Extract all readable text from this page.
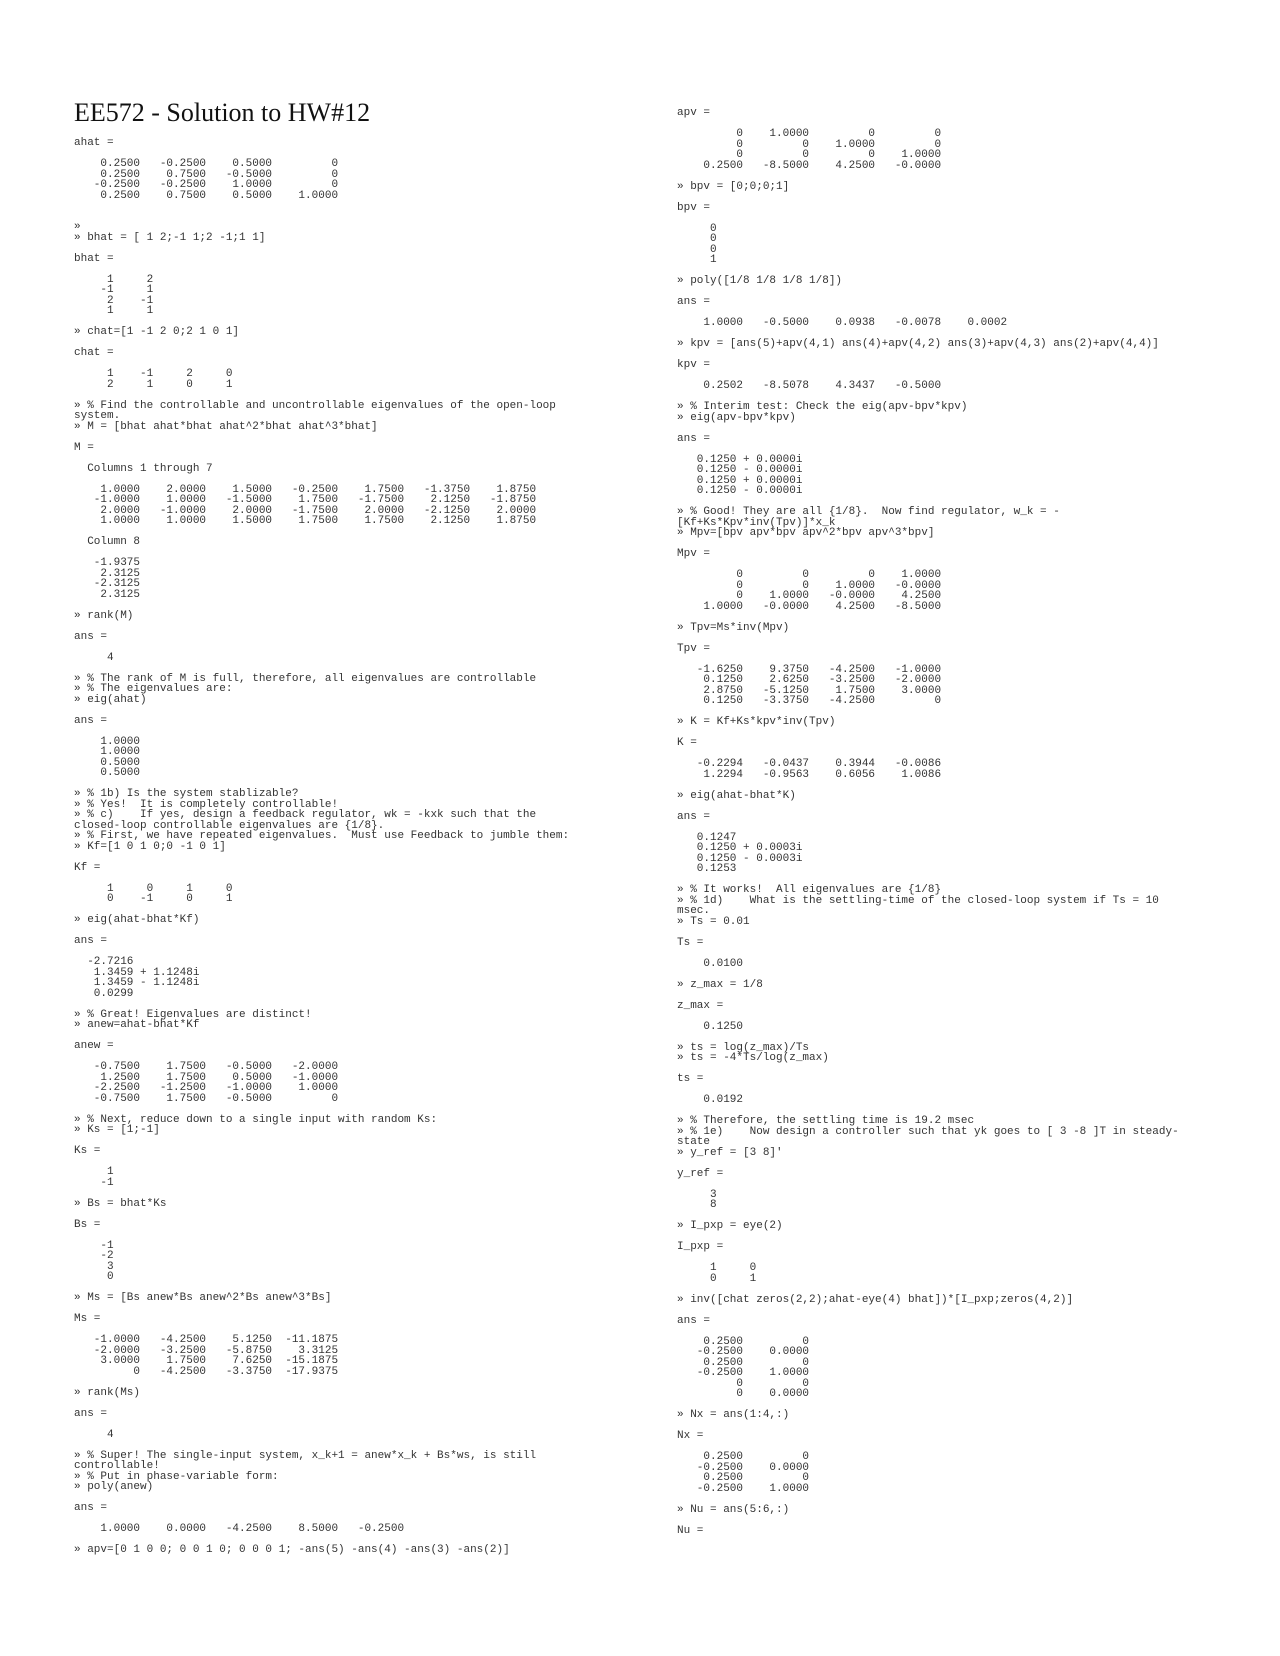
EE572 - Solution to HW#12
ahat =

0.2500   -0.2500    0.5000         0
0.2500    0.7500   -0.5000         0
-0.2500   -0.2500    1.0000         0
0.2500    0.7500    0.5000    1.0000

»
» bhat = [ 1 2;-1 1;2 -1;1 1]

bhat =

1     2
-1     1
2    -1
1     1

» chat=[1 -1 2 0;2 1 0 1]

chat =

1    -1     2     0
2     1     0     1

» % Find the controllable and uncontrollable eigenvalues of the open-loop
system.
» M = [bhat ahat*bhat ahat^2*bhat ahat^3*bhat]

M =

Columns 1 through 7

1.0000    2.0000    1.5000   -0.2500    1.7500   -1.3750    1.8750
-1.0000    1.0000   -1.5000    1.7500   -1.7500    2.1250   -1.8750
2.0000   -1.0000    2.0000   -1.7500    2.0000   -2.1250    2.0000
1.0000    1.0000    1.5000    1.7500    1.7500    2.1250    1.8750

Column 8

-1.9375
2.3125
-2.3125
2.3125

» rank(M)

ans =

4

» % The rank of M is full, therefore, all eigenvalues are controllable
» % The eigenvalues are:
» eig(ahat)

ans =

1.0000
1.0000
0.5000
0.5000

» % 1b) Is the system stablizable?
» % Yes!  It is completely controllable!
» % c)    If yes, design a feedback regulator, wk = -kxk such that the
closed-loop controllable eigenvalues are {1/8}.
» % First, we have repeated eigenvalues.  Must use Feedback to jumble them:
» Kf=[1 0 1 0;0 -1 0 1]

Kf =

1     0     1     0
0    -1     0     1

» eig(ahat-bhat*Kf)

ans =

-2.7216
1.3459 + 1.1248i
1.3459 - 1.1248i
0.0299

» % Great! Eigenvalues are distinct!
» anew=ahat-bhat*Kf

anew =

-0.7500    1.7500   -0.5000   -2.0000
1.2500    1.7500    0.5000   -1.0000
-2.2500   -1.2500   -1.0000    1.0000
-0.7500    1.7500   -0.5000         0

» % Next, reduce down to a single input with random Ks:
» Ks = [1;-1]

Ks =

1
-1

» Bs = bhat*Ks

Bs =

-1
-2
3
0

» Ms = [Bs anew*Bs anew^2*Bs anew^3*Bs]

Ms =

-1.0000   -4.2500    5.1250  -11.1875
-2.0000   -3.2500   -5.8750    3.3125
3.0000    1.7500    7.6250  -15.1875
0   -4.2500   -3.3750  -17.9375

» rank(Ms)

ans =

4

» % Super! The single-input system, x_k+1 = anew*x_k + Bs*ws, is still
controllable!
» % Put in phase-variable form:
» poly(anew)

ans =

1.0000    0.0000   -4.2500    8.5000   -0.2500

» apv=[0 1 0 0; 0 0 1 0; 0 0 0 1; -ans(5) -ans(4) -ans(3) -ans(2)]
apv =

0    1.0000         0         0
0         0    1.0000         0
0         0         0    1.0000
0.2500   -8.5000    4.2500   -0.0000

» bpv = [0;0;0;1]

bpv =

0
0
0
1

» poly([1/8 1/8 1/8 1/8])

ans =

1.0000   -0.5000    0.0938   -0.0078    0.0002

» kpv = [ans(5)+apv(4,1) ans(4)+apv(4,2) ans(3)+apv(4,3) ans(2)+apv(4,4)]

kpv =

0.2502   -8.5078    4.3437   -0.5000

» % Interim test: Check the eig(apv-bpv*kpv)
» eig(apv-bpv*kpv)

ans =

0.1250 + 0.0000i
0.1250 - 0.0000i
0.1250 + 0.0000i
0.1250 - 0.0000i

» % Good! They are all {1/8}.  Now find regulator, w_k = -
[Kf+Ks*Kpv*inv(Tpv)]*x_k
» Mpv=[bpv apv*bpv apv^2*bpv apv^3*bpv]

Mpv =

0         0         0    1.0000
0         0    1.0000   -0.0000
0    1.0000   -0.0000    4.2500
1.0000   -0.0000    4.2500   -8.5000

» Tpv=Ms*inv(Mpv)

Tpv =

-1.6250    9.3750   -4.2500   -1.0000
0.1250    2.6250   -3.2500   -2.0000
2.8750   -5.1250    1.7500    3.0000
0.1250   -3.3750   -4.2500         0

» K = Kf+Ks*kpv*inv(Tpv)

K =

-0.2294   -0.0437    0.3944   -0.0086
1.2294   -0.9563    0.6056    1.0086

» eig(ahat-bhat*K)

ans =

0.1247
0.1250 + 0.0003i
0.1250 - 0.0003i
0.1253

» % It works!  All eigenvalues are {1/8}
» % 1d)    What is the settling-time of the closed-loop system if Ts = 10
msec.
» Ts = 0.01

Ts =

0.0100

» z_max = 1/8

z_max =

0.1250

» ts = log(z_max)/Ts
» ts = -4*Ts/log(z_max)

ts =

0.0192

» % Therefore, the settling time is 19.2 msec
» % 1e)    Now design a controller such that yk goes to [ 3 -8 ]T in steady-
state
» y_ref = [3 8]'

y_ref =

3
8

» I_pxp = eye(2)

I_pxp =

1     0
0     1

» inv([chat zeros(2,2);ahat-eye(4) bhat])*[I_pxp;zeros(4,2)]

ans =

0.2500         0
-0.2500    0.0000
0.2500         0
-0.2500    1.0000
0         0
0    0.0000

» Nx = ans(1:4,:)

Nx =

0.2500         0
-0.2500    0.0000
0.2500         0
-0.2500    1.0000

» Nu = ans(5:6,:)

Nu =
